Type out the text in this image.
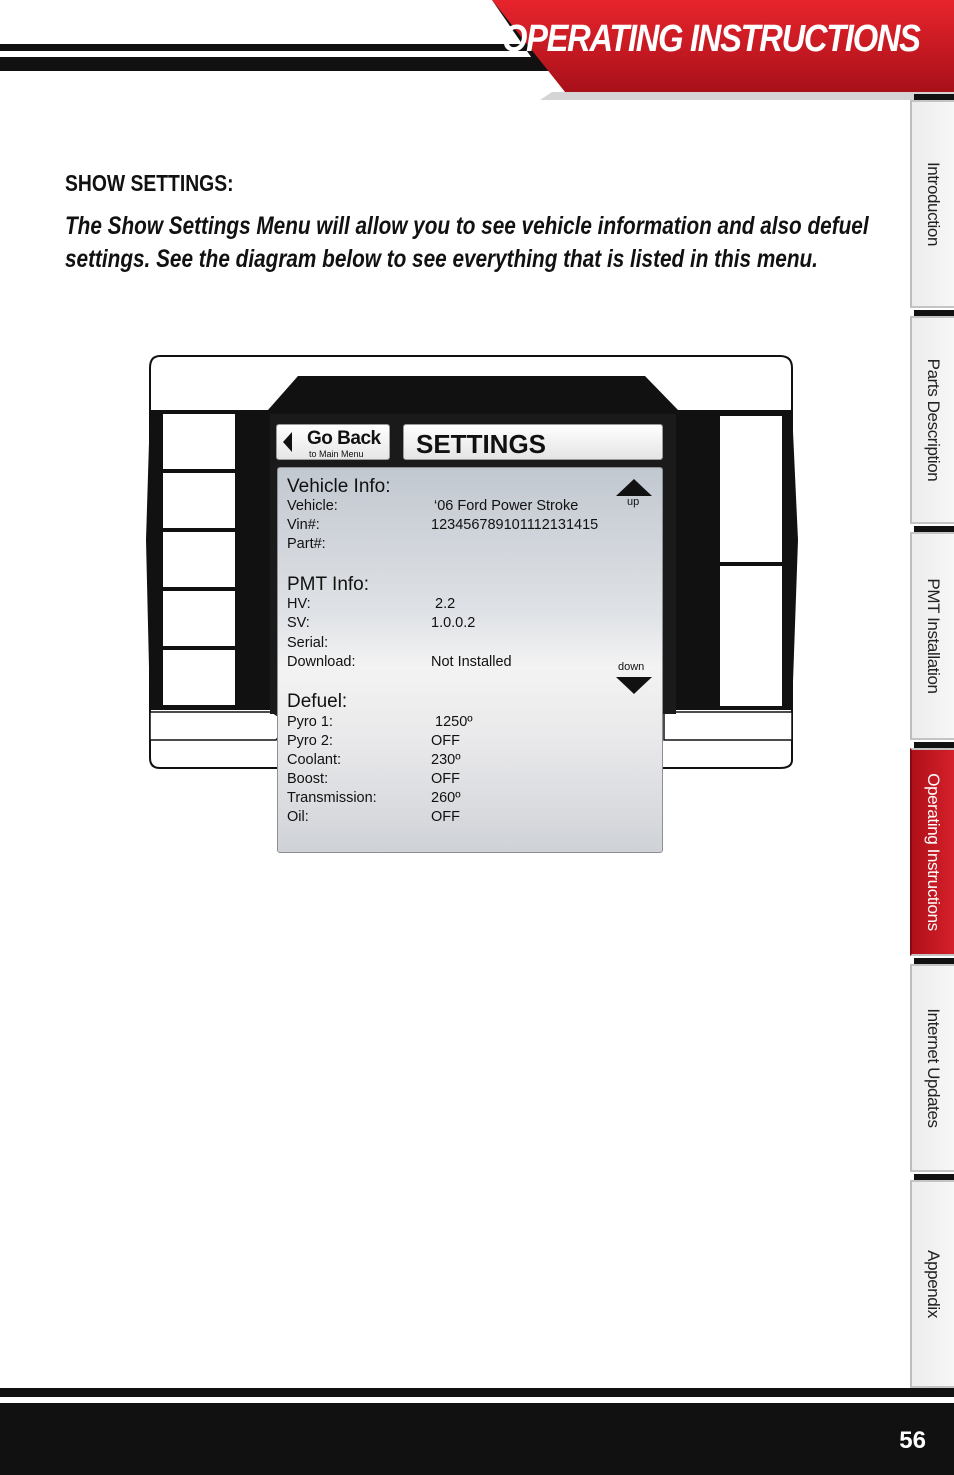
OPERATING INSTRUCTIONS
Introduction
Parts Description
PMT Installation
Operating Instructions
Internet Updates
Appendix
SHOW SETTINGS:

The Show Settings Menu will allow you to see vehicle information and also defuel settings. See the diagram below to see everything that is listed in this menu.

Go Back
to Main Menu SETTINGS
up
down
Vehicle Info:
Vehicle:	‘06 Ford Power Stroke
Vin#:	123456789101112131415
Part#:
PMT Info:
HV:	2.2
SV:	1.0.0.2
Serial:
Download:	Not Installed
Defuel:
Pyro 1:	1250º
Pyro 2:	OFF
Coolant:	230º
Boost:	OFF
Transmission:	260º
Oil:	OFF
56
